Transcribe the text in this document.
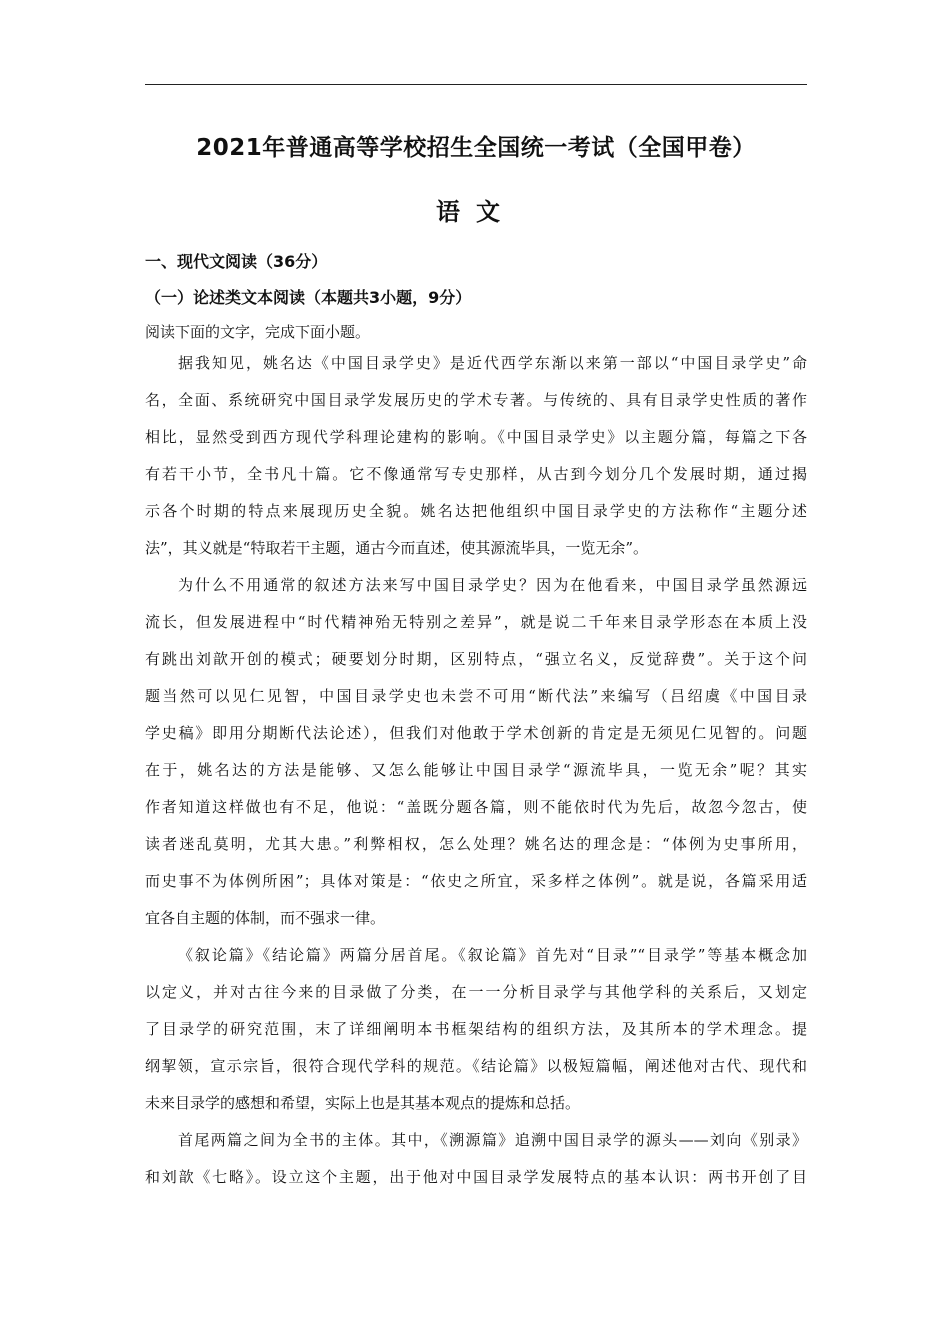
2021年普通高等学校招生全国统一考试（全国甲卷）
语文
一、现代文阅读（36分）
（一）论述类文本阅读（本题共3小题，9分）
阅读下面的文字，完成下面小题。
据我知见，姚名达《中国目录学史》是近代西学东渐以来第一部以“中国目录学史”命
名，全面、系统研究中国目录学发展历史的学术专著。与传统的、具有目录学史性质的著作
相比，显然受到西方现代学科理论建构的影响。《中国目录学史》以主题分篇，每篇之下各
有若干小节，全书凡十篇。它不像通常写专史那样，从古到今划分几个发展时期，通过揭
示各个时期的特点来展现历史全貌。姚名达把他组织中国目录学史的方法称作“主题分述
法”，其义就是“特取若干主题，通古今而直述，使其源流毕具，一览无余”。
为什么不用通常的叙述方法来写中国目录学史？因为在他看来，中国目录学虽然源远
流长，但发展进程中“时代精神殆无特别之差异”，就是说二千年来目录学形态在本质上没
有跳出刘歆开创的模式；硬要划分时期，区别特点，“强立名义，反觉辞费”。关于这个问
题当然可以见仁见智，中国目录学史也未尝不可用“断代法”来编写（吕绍虞《中国目录
学史稿》即用分期断代法论述），但我们对他敢于学术创新的肯定是无须见仁见智的。问题
在于，姚名达的方法是能够、又怎么能够让中国目录学“源流毕具，一览无余”呢？其实
作者知道这样做也有不足，他说：“盖既分题各篇，则不能依时代为先后，故忽今忽古，使
读者迷乱莫明，尤其大患。”利弊相权，怎么处理？姚名达的理念是：“体例为史事所用，
而史事不为体例所困”；具体对策是：“依史之所宜，采多样之体例”。就是说，各篇采用适
宜各自主题的体制，而不强求一律。
《叙论篇》《结论篇》两篇分居首尾。《叙论篇》首先对“目录”“目录学”等基本概念加
以定义，并对古往今来的目录做了分类，在一一分析目录学与其他学科的关系后，又划定
了目录学的研究范围，末了详细阐明本书框架结构的组织方法，及其所本的学术理念。提
纲挈领，宣示宗旨，很符合现代学科的规范。《结论篇》以极短篇幅，阐述他对古代、现代和
未来目录学的感想和希望，实际上也是其基本观点的提炼和总括。
首尾两篇之间为全书的主体。其中，《溯源篇》追溯中国目录学的源头——刘向《别录》
和刘歆《七略》。设立这个主题，出于他对中国目录学发展特点的基本认识：两书开创了目
